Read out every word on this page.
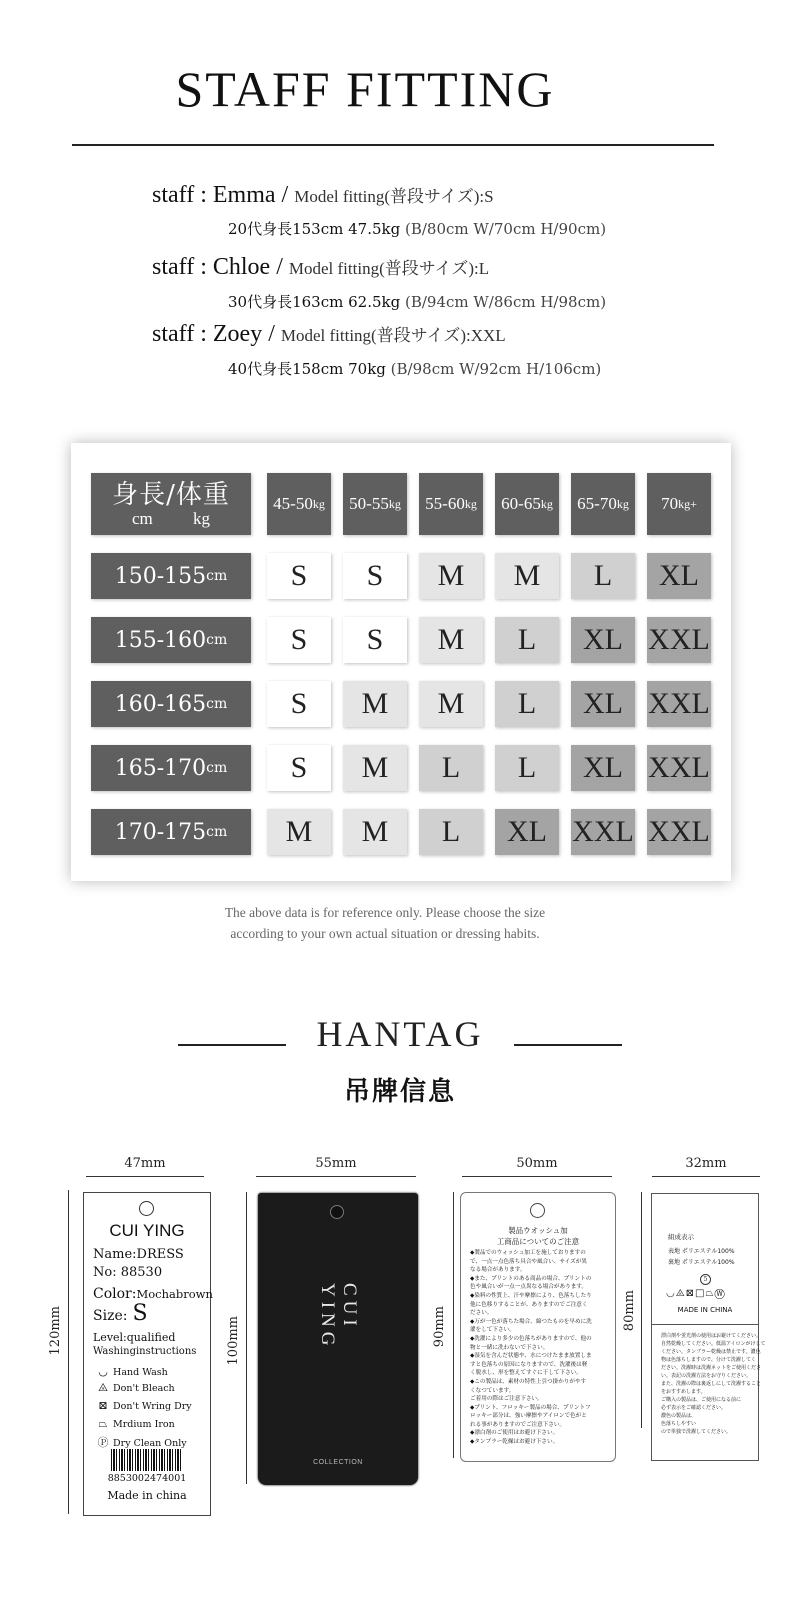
STAFF FITTING
staff : Emma / Model fitting(普段サイズ):S
20代身長153cm 47.5kg (B/80cm W/70cm H/90cm)
staff : Chloe / Model fitting(普段サイズ):L
30代身長163cm 62.5kg (B/94cm W/86cm H/98cm)
staff : Zoey / Model fitting(普段サイズ):XXL
40代身長158cm 70kg (B/98cm W/92cm H/106cm)
身長/体重
cm kg
45-50 kg 50-55 kg 55-60 kg 60-65 kg 65-70 kg 70 kg+
150-155 cm	S	S	M	M	L	XL
155-160 cm	S	S	M	L	XL XXL
160-165 cm	S	M	M	L	XL XXL
165-170 cm	S	M	L	L	XL XXL
170-175 cm	M	M	L	XL XXL XXL
The above data is for reference only. Please choose the size
according to your own actual situation or dressing habits.
HANTAG
吊牌信息
47mm
120mm
CUI YING
Name:DRESS
No: 88530
Color:Mochabrown
Size: S
Level:qualified
Washinginstructions
◡ Hand Wash
⨻ Don't Bleach
⊠ Don't Wring Dry
⏢ Mrdium Iron
Ⓟ Dry Clean Only
8853002474001
Made in china
55mm
100mm
CUI YING
COLLECTION
50mm
90mm
製品ウオッシュ加
工商品についてのご注意
◆製品でのウォッシュ加工を施しておりますの
で、一点一点色落ち具合や風合い、サイズが異
なる場合があります。
◆また、プリントのある商品の場合、プリントの
色や風合いが一点一点異なる場合があります。
◆染料の性質上、汗や摩擦により、色落ちしたり
他に色移りすることが、ありますのでご注意く
ださい。
◆万が一色が落ちた場合、綿つたものを早めに洗
濯をして下さい。
◆洗濯により多少の色落ちがありますので、他の
物と一緒に洗わないで下さい。
◆湿気を含んだ状態や、水につけたまま放置しま
すと色落ちの原因になりますので、洗濯後は軽
く脱水し、形を整えてすぐに干して下さい。
◆この製品は、素材の特性上引つ掛かりがやす
くなつています。
ご着用の際はご注意下さい。
◆プリント、フロッキー製品の場合、プリントフ
ロッキー部分は、強い摩擦やアイロンで色がと
れる事がありますのでご注意下さい。
◆漂白剤のご使用はお避け下さい。
◆タンブラー乾燥はお避け下さい。
32mm
80mm
組成表示
表地 ポリエステル100%
裏地 ポリエステル100%
5
◡⨻⊠□⏢Ⓦ
MADE IN CHINA
漂白剤や蛍光剤の使用はお避けてください。
自然乾燥してください。低温アイロンがけして
ください。タンブラー乾燥は禁止です。濃色
物は色落ちしますので、分けて洗濯してく
ださい。洗濯時は洗濯ネットをご使用くださ
い。表記の洗濯方法をお守りください。
また、洗濯の際は裏返しにして洗濯すること
をおすすめします。
ご購入の製品は、ご使用になる前に
必ず表示をご確認ください。
濃色の製品は、
色落ちしやすい
ので単独で洗濯してください。
